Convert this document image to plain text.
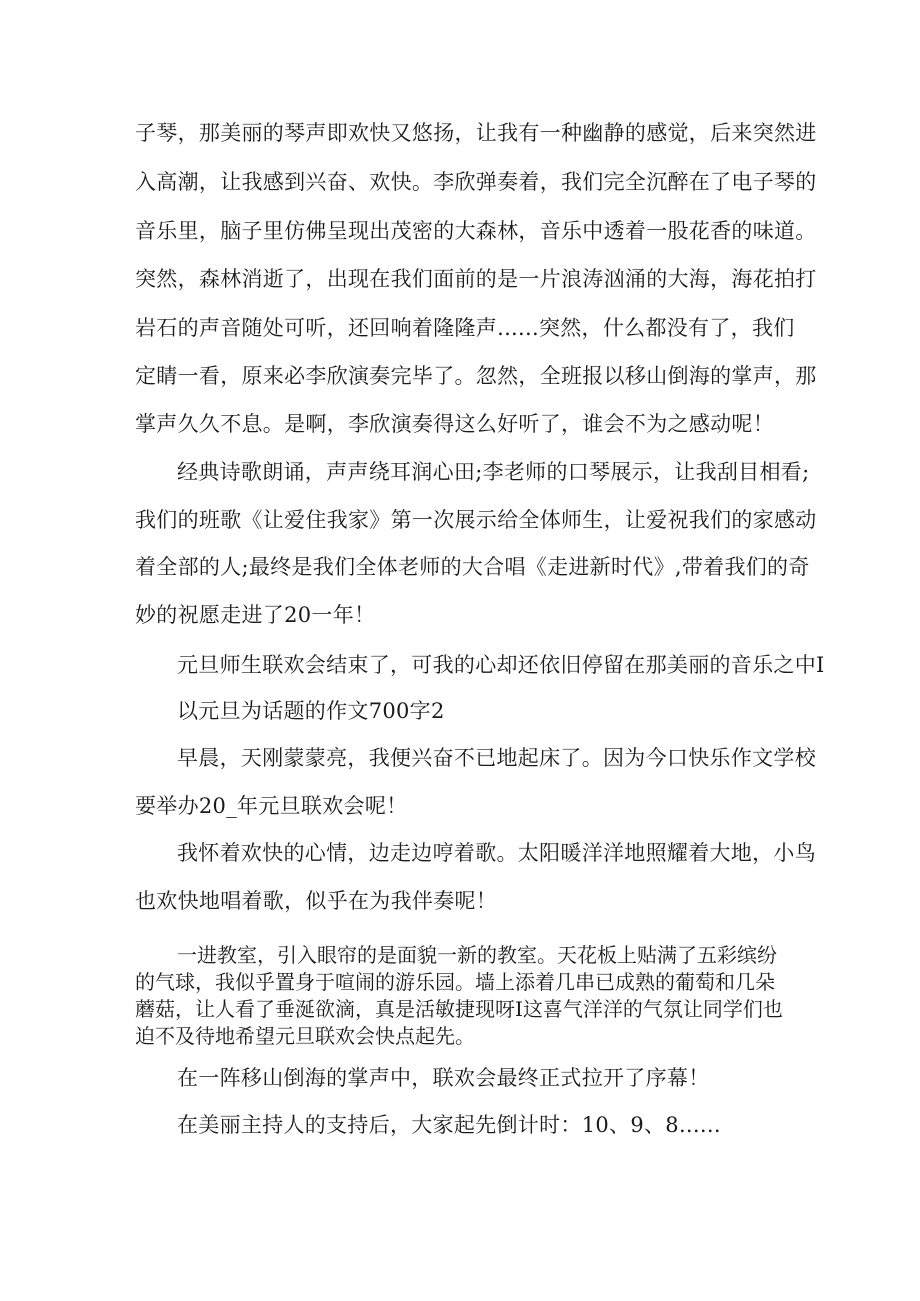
子琴，那美丽的琴声即欢快又悠扬，让我有一种幽静的感觉，后来突然进
入高潮，让我感到兴奋、欢快。李欣弹奏着，我们完全沉醉在了电子琴的
音乐里，脑子里仿佛呈现出茂密的大森林，音乐中透着一股花香的味道。
突然，森林消逝了，出现在我们面前的是一片浪涛汹涌的大海，海花拍打
岩石的声音随处可听，还回响着隆隆声......突然，什么都没有了，我们
定睛一看，原来必李欣演奏完毕了。忽然，全班报以移山倒海的掌声，那
掌声久久不息。是啊，李欣演奏得这么好听了，谁会不为之感动呢！
经典诗歌朗诵，声声绕耳润心田;李老师的口琴展示，让我刮目相看;
我们的班歌《让爱住我家》第一次展示给全体师生，让爱祝我们的家感动
着全部的人;最终是我们全体老师的大合唱《走进新时代》,带着我们的奇
妙的祝愿走进了20一年！
元旦师生联欢会结束了，可我的心却还依旧停留在那美丽的音乐之中I
以元旦为话题的作文700字2
早晨，天刚蒙蒙亮，我便兴奋不已地起床了。因为今口快乐作文学校
要举办20_年元旦联欢会呢！
我怀着欢快的心情，边走边哼着歌。太阳暖洋洋地照耀着大地，小鸟
也欢快地唱着歌，似乎在为我伴奏呢！
一进教室，引入眼帘的是面貌一新的教室。天花板上贴满了五彩缤纷
的气球，我似乎置身于喧闹的游乐园。墙上添着几串已成熟的葡萄和几朵
蘑菇，让人看了垂涎欲滴，真是活敏捷现呀I这喜气洋洋的气氛让同学们也
迫不及待地希望元旦联欢会快点起先。
在一阵移山倒海的掌声中，联欢会最终正式拉开了序幕！
在美丽主持人的支持后，大家起先倒计时：10、9、8......
